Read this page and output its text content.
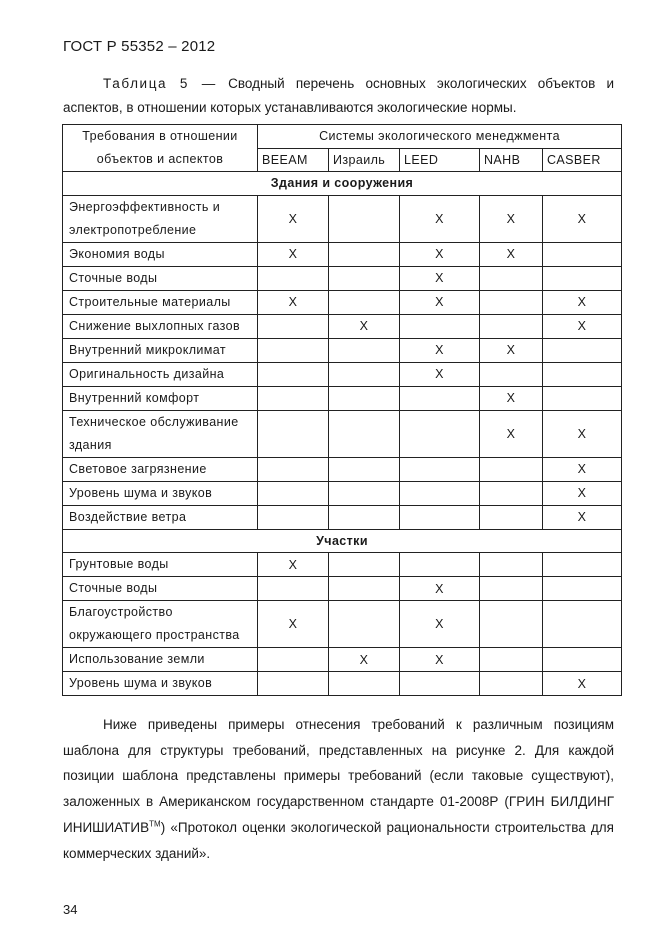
ГОСТ Р 55352 – 2012
Таблица 5 — Сводный перечень основных экологических объектов и аспектов, в отношении которых устанавливаются экологические нормы.
Требования в отношении объектов и аспектов	Системы экологического менеджмента				
	BEEAM	Израиль	LEED	NAHB	CASBER
Здания и сооружения					
Энергоэффективность и электропотребление	X		X	X	X
Экономия воды	X		X	X	
Сточные воды			X		
Строительные материалы	X		X		X
Снижение выхлопных газов		X			X
Внутренний микроклимат			X	X	
Оригинальность дизайна			X		
Внутренний комфорт				X	
Техническое обслуживание здания				X	X
Световое загрязнение					X
Уровень шума и звуков					X
Воздействие ветра					X
Участки					
Грунтовые воды	X				
Сточные воды			X		
Благоустройство окружающего пространства	X		X		
Использование земли		X	X		
Уровень шума и звуков					X
Ниже приведены примеры отнесения требований к различным позициям шаблона для структуры требований, представленных на рисунке 2. Для каждой позиции шаблона представлены примеры требований (если таковые существуют), заложенных в Американском государственном стандарте 01-2008Р (ГРИН БИЛДИНГ ИНИШИАТИВ™) «Протокол оценки экологической рациональности строительства для коммерческих зданий».
34
